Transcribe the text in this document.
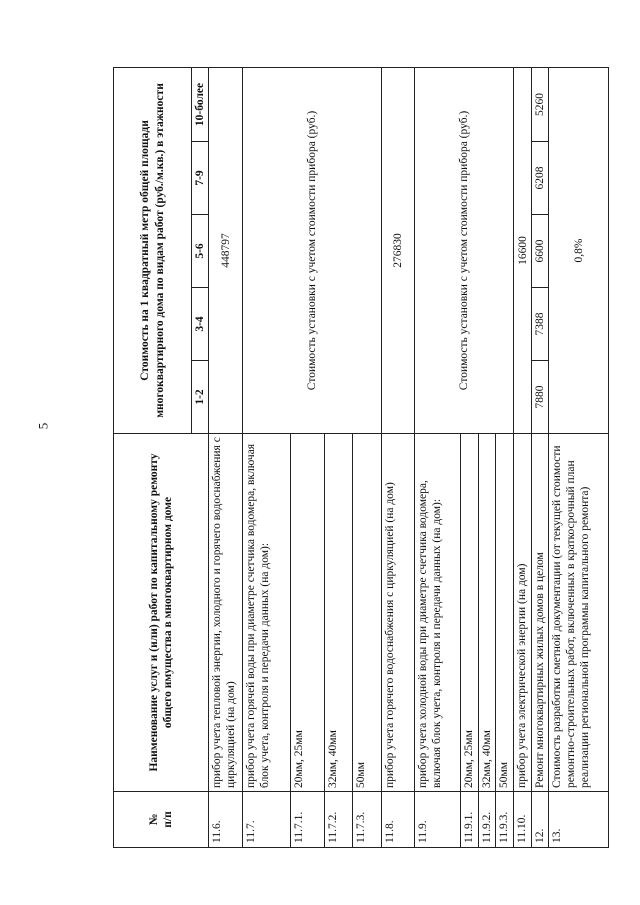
5
№
п/п	Наименование услуг и (или) работ по капитальному ремонту общего имущества в многоквартирном доме	Стоимость на 1 квадратный метр общей площади многоквартирного дома по видам работ (руб./м.кв.) в этажности				
		1-2	3-4	5-6	7-9	10-более
11.6.	прибор учета тепловой энергии, холодного и горячего водоснабжения с циркуляцией (на дом)	448797				
11.7.	прибор учета горячей воды при диаметре счетчика водомера, включая блок учета, контроля и передачи данных (на дом):	Стоимость установки с учетом стоимости прибора (руб.)				
11.7.1.	20мм, 25мм					
11.7.2.	32мм, 40мм					
11.7.3.	50мм					
11.8.	прибор учета горячего водоснабжения с циркуляцией (на дом)	276830				
11.9.	прибор учета холодной воды при диаметре счетчика водомера, включая блок учета, контроля и передачи данных (на дом):	Стоимость установки с учетом стоимости прибора (руб.)				
11.9.1.	20мм, 25мм					
11.9.2.	32мм, 40мм					
11.9.3.	50мм					
11.10.	прибор учета электрической энергии (на дом)	16600				
12.	Ремонт многоквартирных жилых домов в целом	7880	7388	6600	6208	5260
13.	Стоимость разработки сметной документации (от текущей стоимости ремонтно-строительных работ, включенных в краткосрочный план реализации региональной программы капитального ремонта)	0,8%				
